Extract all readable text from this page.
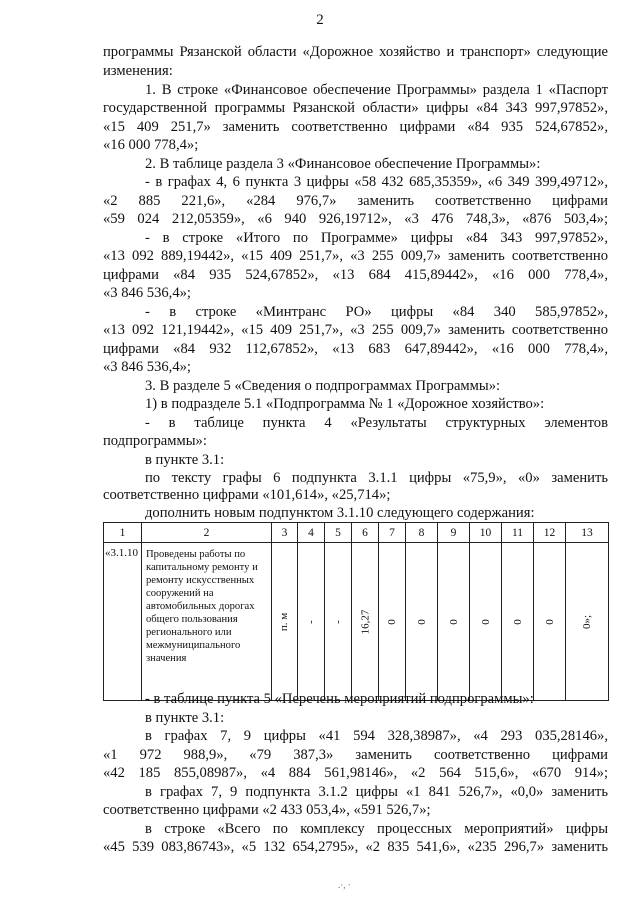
2
программы Рязанской области «Дорожное хозяйство и транспорт» следующие
изменения:
1. В строке «Финансовое обеспечение Программы» раздела 1 «Паспорт
государственной программы Рязанской области» цифры «84 343 997,97852»,
«15 409 251,7» заменить соответственно цифрами «84 935 524,67852»,
«16 000 778,4»;
2. В таблице раздела 3 «Финансовое обеспечение Программы»:
- в графах 4, 6 пункта 3 цифры «58 432 685,35359», «6 349 399,49712»,
«2 885 221,6», «284 976,7» заменить соответственно цифрами
«59 024 212,05359», «6 940 926,19712», «3 476 748,3», «876 503,4»;
- в строке «Итого по Программе» цифры «84 343 997,97852»,
«13 092 889,19442», «15 409 251,7», «3 255 009,7» заменить соответственно
цифрами «84 935 524,67852», «13 684 415,89442», «16 000 778,4»,
«3 846 536,4»;
- в строке «Минтранс РО» цифры «84 340 585,97852»,
«13 092 121,19442», «15 409 251,7», «3 255 009,7» заменить соответственно
цифрами «84 932 112,67852», «13 683 647,89442», «16 000 778,4»,
«3 846 536,4»;
3. В разделе 5 «Сведения о подпрограммах Программы»:
1) в подразделе 5.1 «Подпрограмма № 1 «Дорожное хозяйство»:
- в таблице пункта 4 «Результаты структурных элементов
подпрограммы»:
в пункте 3.1:
по тексту графы 6 подпункта 3.1.1 цифры «75,9», «0» заменить
1	2	3	4	5	6	7	8	9	10	11	12	13
«3.1.10	Проведены работы по капитальному ремонту и ремонту искусственных сооружений на автомобильных дорогах общего пользования регионального или межмуниципального значения	п. м	-	-	16,27	0	0	0	0	0	0	0»;
соответственно цифрами «101,614», «25,714»;
дополнить новым подпунктом 3.1.10 следующего содержания:
- в таблице пункта 5 «Перечень мероприятий подпрограммы»:
в пункте 3.1:
в графах 7, 9 цифры «41 594 328,38987», «4 293 035,28146»,
«1 972 988,9», «79 387,3» заменить соответственно цифрами
«42 185 855,08987», «4 884 561,98146», «2 564 515,6», «670 914»;
в графах 7, 9 подпункта 3.1.2 цифры «1 841 526,7», «0,0» заменить
соответственно цифрами «2 433 053,4», «591 526,7»;
в строке «Всего по комплексу процессных мероприятий» цифры
«45 539 083,86743», «5 132 654,2795», «2 835 541,6», «235 296,7» заменить
.·, ·
